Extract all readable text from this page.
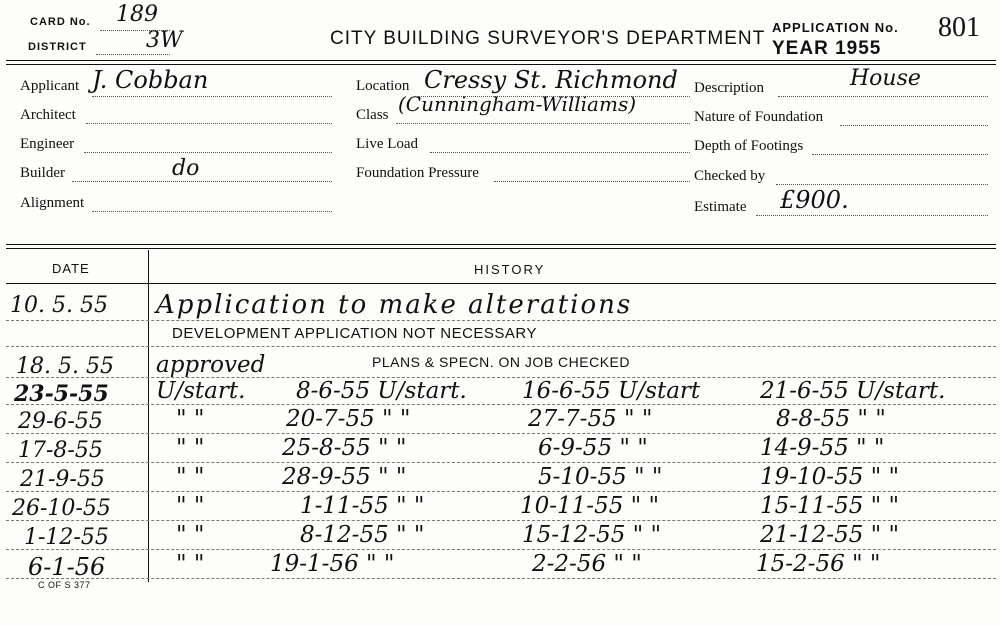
CARD No. 189
DISTRICT	3W	CITY BUILDING SURVEYOR'S DEPARTMENT
APPLICATION No. 801
YEAR 1955
Applicant J. Cobban
Architect
Engineer
Builder	do
Alignment
Location Cressy St. Richmond
Class (Cunningham-Williams)
Live Load
Foundation Pressure
Description	House
Nature of Foundation
Depth of Footings
Checked by
Estimate £900.
DATE	HISTORY
10. 5. 55 Application to make alterations
DEVELOPMENT APPLICATION NOT NECESSARY
18. 5. 55 approved	PLANS & SPECN. ON JOB CHECKED
23-5-55 U/start. 8-6-55 U/start. 16-6-55 U/start	21-6-55 U/start.
29-6-55	" "	20-7-55 " "	27-7-55 " "	8-8-55 " "
17-8-55	" "	25-8-55 " "	6-9-55 " "	14-9-55 " "
21-9-55	" "	28-9-55 " "	5-10-55 " "	19-10-55 " "
26-10-55	" "	1-11-55 " "	10-11-55 " "	15-11-55 " "
1-12-55	" "	8-12-55 " "	15-12-55 " "	21-12-55 " "
6-1-56	" "	19-1-56 " "	2-2-56 " "	15-2-56 " "
C OF S 377
